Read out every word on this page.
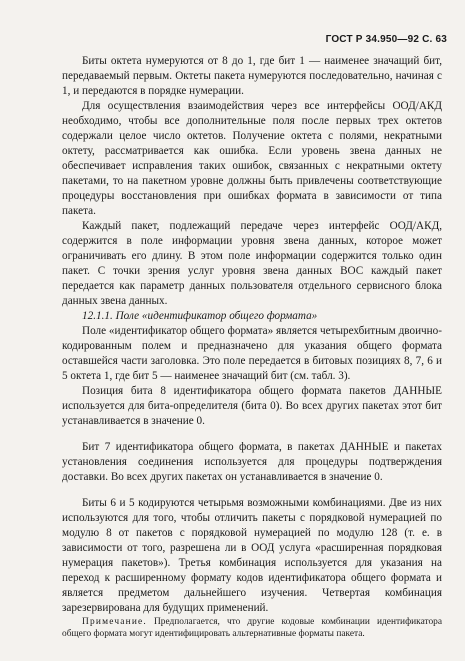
ГОСТ Р 34.950—92 С. 63

Биты октета нумеруются от 8 до 1, где бит 1 — наименее значащий бит, передаваемый первым. Октеты пакета нумеруются последовательно, начиная с 1, и передаются в порядке нумерации.

Для осуществления взаимодействия через все интерфейсы ООД/АКД необходимо, чтобы все дополнительные поля после первых трех октетов содержали целое число октетов. Получение октета с полями, некратными октету, рассматривается как ошибка. Если уровень звена данных не обеспечивает исправления таких ошибок, связанных с некратными октету пакетами, то на пакетном уровне должны быть привлечены соответствующие процедуры восстановления при ошибках формата в зависимости от типа пакета.

Каждый пакет, подлежащий передаче через интерфейс ООД/АКД, содержится в поле информации уровня звена данных, которое может ограничивать его длину. В этом поле информации содержится только один пакет. С точки зрения услуг уровня звена данных ВОС каждый пакет передается как параметр данных пользователя отдельного сервисного блока данных звена данных.

12.1.1. Поле «идентификатор общего формата»

Поле «идентификатор общего формата» является четырехбитным двоично-кодированным полем и предназначено для указания общего формата оставшейся части заголовка. Это поле передается в битовых позициях 8, 7, 6 и 5 октета 1, где бит 5 — наименее значащий бит (см. табл. 3).

Позиция бита 8 идентификатора общего формата пакетов ДАННЫЕ используется для бита-определителя (бита 0). Во всех других пакетах этот бит устанавливается в значение 0.

Бит 7 идентификатора общего формата, в пакетах ДАННЫЕ и пакетах установления соединения используется для процедуры подтверждения доставки. Во всех других пакетах он устанавливается в значение 0.

Биты 6 и 5 кодируются четырьмя возможными комбинациями. Две из них используются для того, чтобы отличить пакеты с порядковой нумерацией по модулю 8 от пакетов с порядковой нумерацией по модулю 128 (т. е. в зависимости от того, разрешена ли в ООД услуга «расширенная порядковая нумерация пакетов»). Третья комбинация используется для указания на переход к расширенному формату кодов идентификатора общего формата и является предметом дальнейшего изучения. Четвертая комбинация зарезервирована для будущих применений.

Примечание. Предполагается, что другие кодовые комбинации идентификатора общего формата могут идентифицировать альтернативные форматы пакета.
